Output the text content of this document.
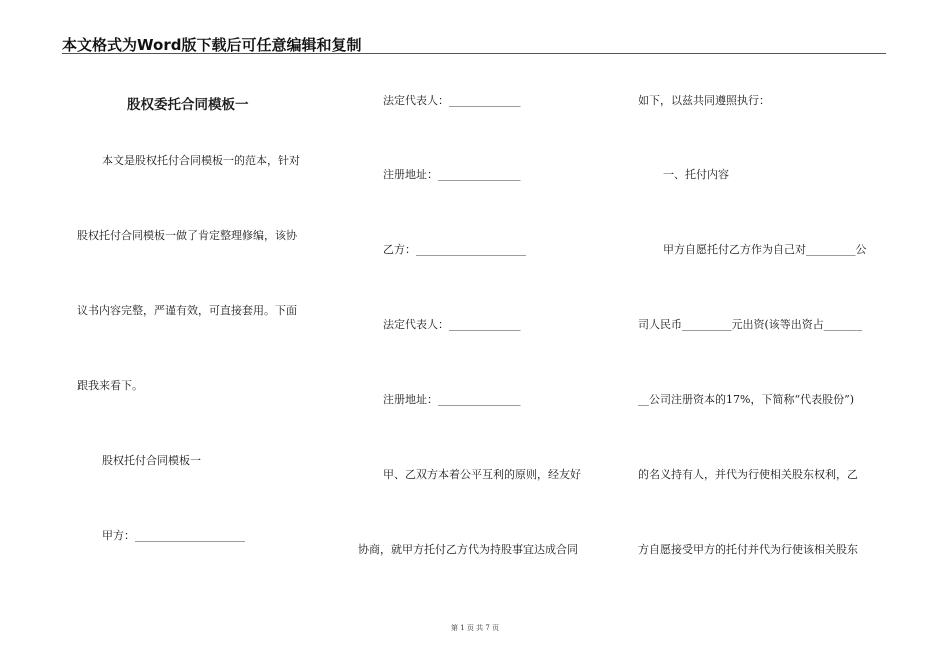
本文格式为Word版下载后可任意编辑和复制
股权委托合同模板一
本文是股权托付合同模板一的范本，针对
股权托付合同模板一做了肯定整理修编，该协
议书内容完整，严谨有效，可直接套用。下面
跟我来看下。
股权托付合同模板一
甲方：____________________
法定代表人：_____________
注册地址：_______________
乙方：____________________
法定代表人：_____________
注册地址：_______________
甲、乙双方本着公平互利的原则，经友好
协商，就甲方托付乙方代为持股事宜达成合同
如下，以兹共同遵照执行：
一、托付内容
甲方自愿托付乙方作为自己对_________公
司人民币_________元出资(该等出资占_______
__公司注册资本的17%，下简称“代表股份”)
的名义持有人，并代为行使相关股东权利，乙
方自愿接受甲方的托付并代为行使该相关股东
第 1 页 共 7 页
